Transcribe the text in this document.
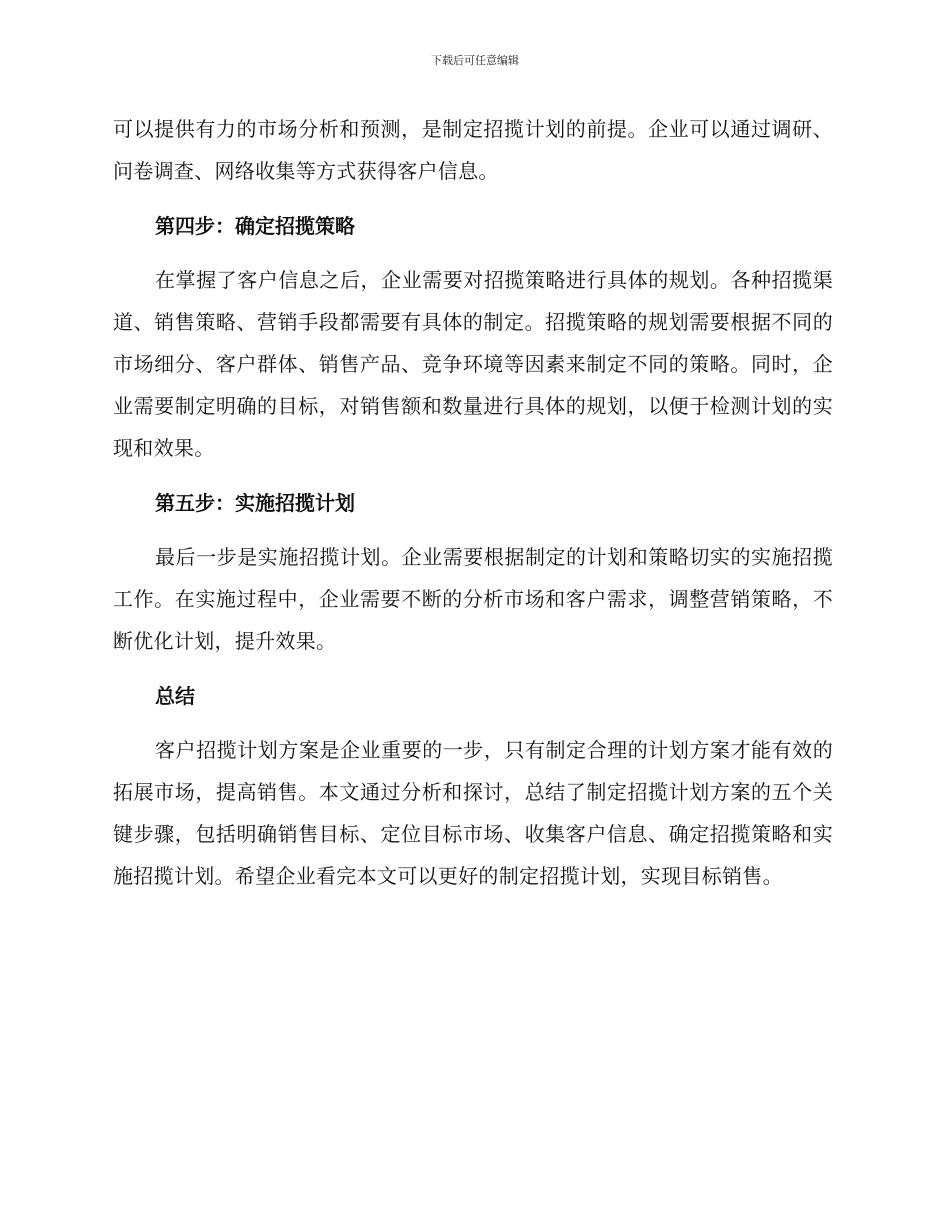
下载后可任意编辑

可以提供有力的市场分析和预测，是制定招揽计划的前提。企业可以通过调研、问卷调查、网络收集等方式获得客户信息。

第四步：确定招揽策略

在掌握了客户信息之后，企业需要对招揽策略进行具体的规划。各种招揽渠道、销售策略、营销手段都需要有具体的制定。招揽策略的规划需要根据不同的市场细分、客户群体、销售产品、竞争环境等因素来制定不同的策略。同时，企业需要制定明确的目标，对销售额和数量进行具体的规划，以便于检测计划的实现和效果。

第五步：实施招揽计划

最后一步是实施招揽计划。企业需要根据制定的计划和策略切实的实施招揽工作。在实施过程中，企业需要不断的分析市场和客户需求，调整营销策略，不断优化计划，提升效果。

总结

客户招揽计划方案是企业重要的一步，只有制定合理的计划方案才能有效的拓展市场，提高销售。本文通过分析和探讨，总结了制定招揽计划方案的五个关键步骤，包括明确销售目标、定位目标市场、收集客户信息、确定招揽策略和实施招揽计划。希望企业看完本文可以更好的制定招揽计划，实现目标销售。
